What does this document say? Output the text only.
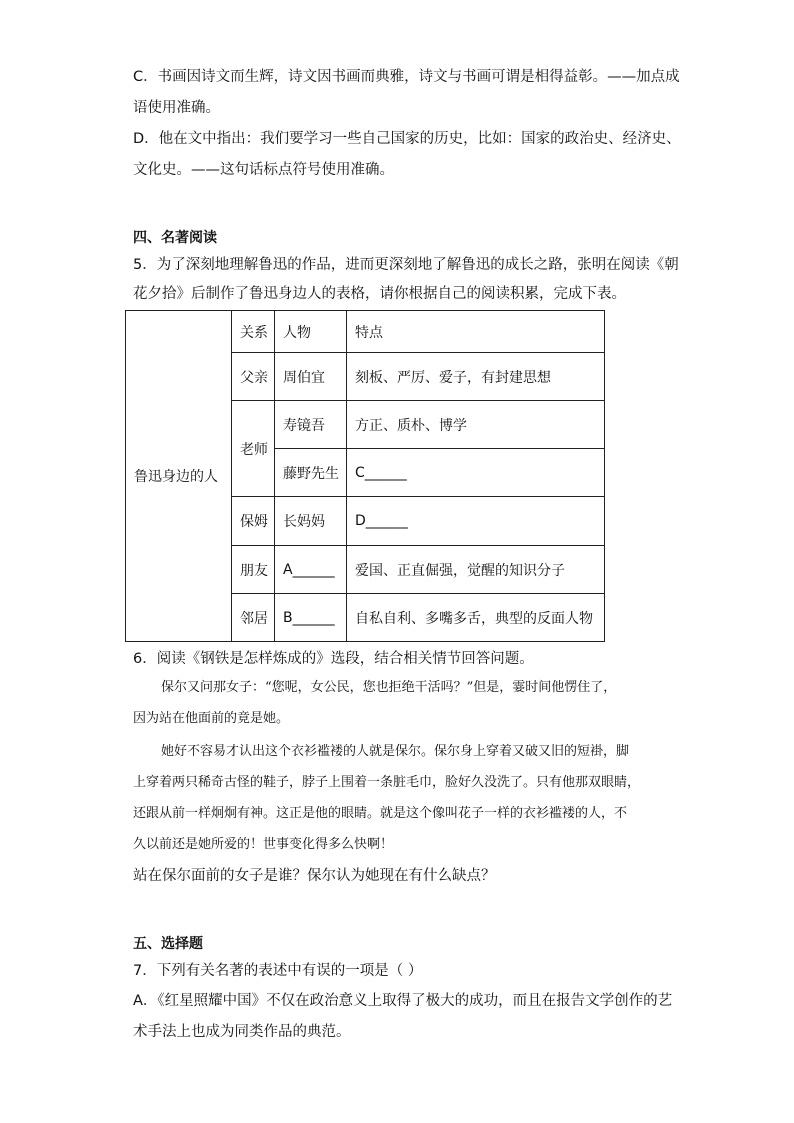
C．书画因诗文而生辉，诗文因书画而典雅，诗文与书画可谓是相得益彰。——加点成

语使用准确。

D．他在文中指出：我们要学习一些自己国家的历史，比如：国家的政治史、经济史、

文化史。——这句话标点符号使用准确。

四、名著阅读

5．为了深刻地理解鲁迅的作品，进而更深刻地了解鲁迅的成长之路，张明在阅读《朝

花夕拾》后制作了鲁迅身边人的表格，请你根据自己的阅读积累，完成下表。

鲁迅身边的人	关系	人物	特点
	父亲	周伯宜	刻板、严厉、爱子，有封建思想
	老师	寿镜吾	方正、质朴、博学
		藤野先生	C______
	保姆	长妈妈	D______
	朋友	A______	爱国、正直倔强，觉醒的知识分子
	邻居	B______	自私自利、多嘴多舌，典型的反面人物

6．阅读《钢铁是怎样炼成的》选段，结合相关情节回答问题。

保尔又问那女子：“您呢，女公民，您也拒绝干活吗？”但是，霎时间他愣住了，

因为站在他面前的竟是她。

她好不容易才认出这个衣衫褴褛的人就是保尔。保尔身上穿着又破又旧的短褂，脚

上穿着两只稀奇古怪的鞋子，脖子上围着一条脏毛巾，脸好久没洗了。只有他那双眼睛，

还跟从前一样炯炯有神。这正是他的眼睛。就是这个像叫花子一样的衣衫褴褛的人，不

久以前还是她所爱的！世事变化得多么快啊！

站在保尔面前的女子是谁？保尔认为她现在有什么缺点？

五、选择题

7．下列有关名著的表述中有误的一项是（ ）

A．《红星照耀中国》不仅在政治意义上取得了极大的成功，而且在报告文学创作的艺

术手法上也成为同类作品的典范。
